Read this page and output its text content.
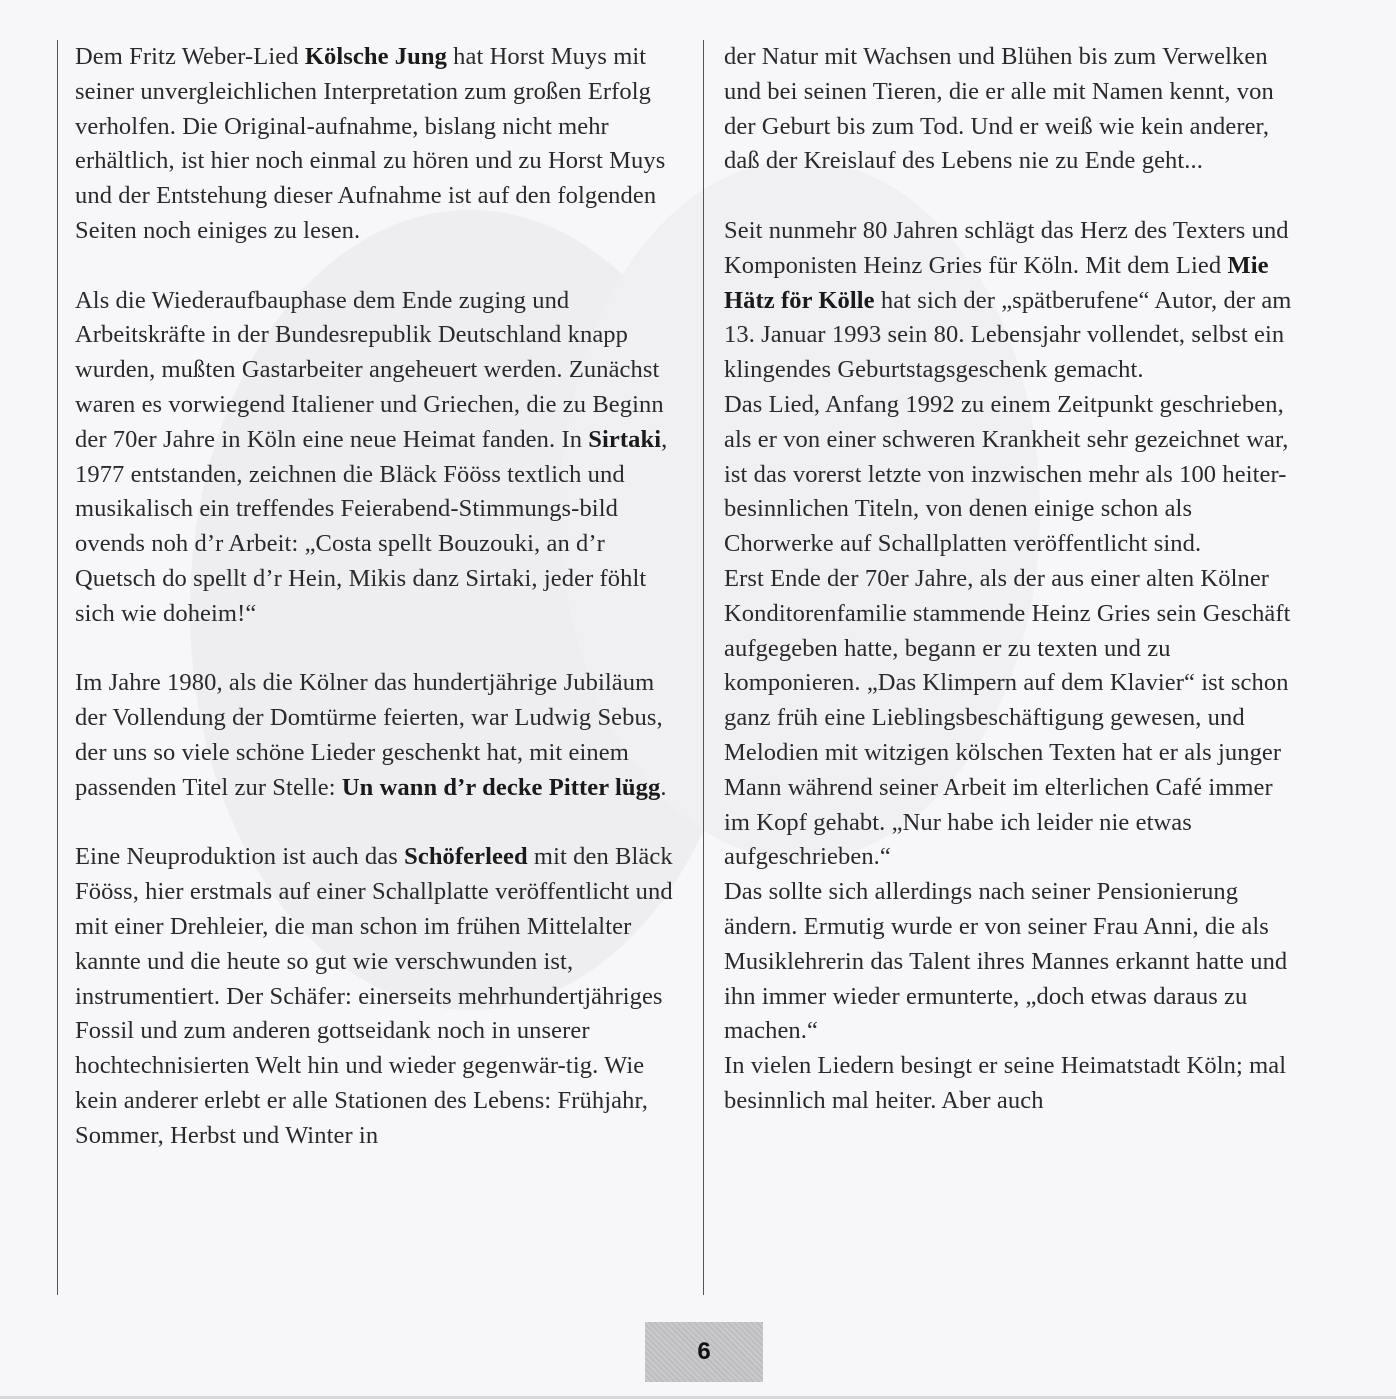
Dem Fritz Weber-Lied Kölsche Jung hat Horst Muys mit seiner unvergleichlichen Interpretation zum großen Erfolg verholfen. Die Original-aufnahme, bislang nicht mehr erhältlich, ist hier noch einmal zu hören und zu Horst Muys und der Entstehung dieser Aufnahme ist auf den folgenden Seiten noch einiges zu lesen.

Als die Wiederaufbauphase dem Ende zuging und Arbeitskräfte in der Bundesrepublik Deutschland knapp wurden, mußten Gastarbeiter angeheuert werden. Zunächst waren es vorwiegend Italiener und Griechen, die zu Beginn der 70er Jahre in Köln eine neue Heimat fanden. In Sirtaki, 1977 entstanden, zeichnen die Bläck Fööss textlich und musikalisch ein treffendes Feierabend-Stimmungs-bild ovends noh d’r Arbeit: „Costa spellt Bouzouki, an d’r Quetsch do spellt d’r Hein, Mikis danz Sirtaki, jeder föhlt sich wie doheim!“

Im Jahre 1980, als die Kölner das hundertjährige Jubiläum der Vollendung der Domtürme feierten, war Ludwig Sebus, der uns so viele schöne Lieder geschenkt hat, mit einem passenden Titel zur Stelle: Un wann d’r decke Pitter lügg.

Eine Neuproduktion ist auch das Schöferleed mit den Bläck Fööss, hier erstmals auf einer Schallplatte veröffentlicht und mit einer Drehleier, die man schon im frühen Mittelalter kannte und die heute so gut wie verschwunden ist, instrumentiert. Der Schäfer: einerseits mehrhundertjähriges Fossil und zum anderen gottseidank noch in unserer hochtechnisierten Welt hin und wieder gegenwär-tig. Wie kein anderer erlebt er alle Stationen des Lebens: Frühjahr, Sommer, Herbst und Winter in

der Natur mit Wachsen und Blühen bis zum Verwelken und bei seinen Tieren, die er alle mit Namen kennt, von der Geburt bis zum Tod. Und er weiß wie kein anderer, daß der Kreislauf des Lebens nie zu Ende geht...

Seit nunmehr 80 Jahren schlägt das Herz des Texters und Komponisten Heinz Gries für Köln. Mit dem Lied Mie Hätz för Kölle hat sich der „spätberufene“ Autor, der am 13. Januar 1993 sein 80. Lebensjahr vollendet, selbst ein klingendes Geburtstagsgeschenk gemacht.

Das Lied, Anfang 1992 zu einem Zeitpunkt geschrieben, als er von einer schweren Krankheit sehr gezeichnet war, ist das vorerst letzte von inzwischen mehr als 100 heiter-besinnlichen Titeln, von denen einige schon als Chorwerke auf Schallplatten veröffentlicht sind.

Erst Ende der 70er Jahre, als der aus einer alten Kölner Konditorenfamilie stammende Heinz Gries sein Geschäft aufgegeben hatte, begann er zu texten und zu komponieren. „Das Klimpern auf dem Klavier“ ist schon ganz früh eine Lieblingsbeschäftigung gewesen, und Melodien mit witzigen kölschen Texten hat er als junger Mann während seiner Arbeit im elterlichen Café immer im Kopf gehabt. „Nur habe ich leider nie etwas aufgeschrieben.“

Das sollte sich allerdings nach seiner Pensionierung ändern. Ermutig wurde er von seiner Frau Anni, die als Musiklehrerin das Talent ihres Mannes erkannt hatte und ihn immer wieder ermunterte, „doch etwas daraus zu machen.“

In vielen Liedern besingt er seine Heimatstadt Köln; mal besinnlich mal heiter. Aber auch

6
